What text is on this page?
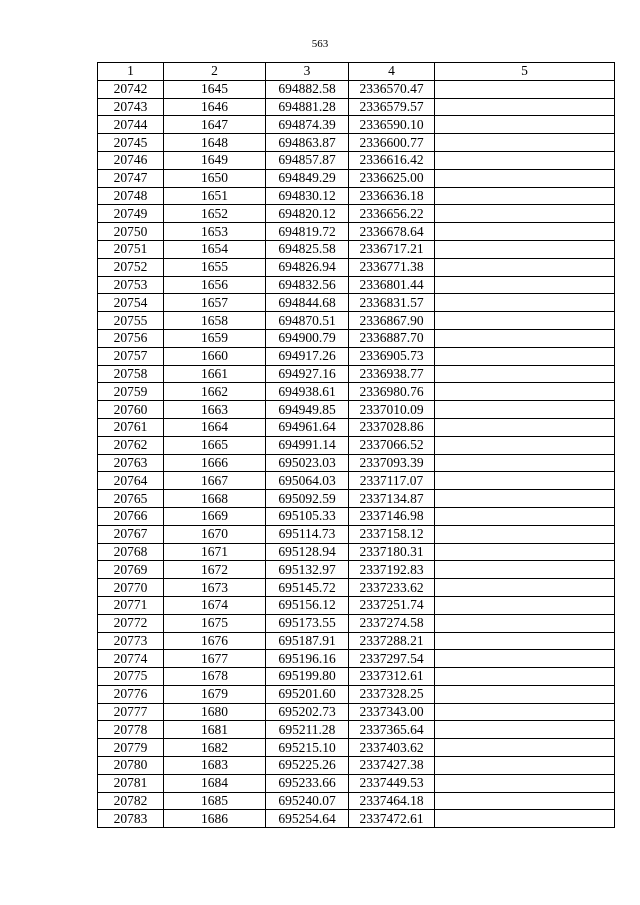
563
1	2	3	4	5
20742	1645	694882.58	2336570.47	
20743	1646	694881.28	2336579.57	
20744	1647	694874.39	2336590.10	
20745	1648	694863.87	2336600.77	
20746	1649	694857.87	2336616.42	
20747	1650	694849.29	2336625.00	
20748	1651	694830.12	2336636.18	
20749	1652	694820.12	2336656.22	
20750	1653	694819.72	2336678.64	
20751	1654	694825.58	2336717.21	
20752	1655	694826.94	2336771.38	
20753	1656	694832.56	2336801.44	
20754	1657	694844.68	2336831.57	
20755	1658	694870.51	2336867.90	
20756	1659	694900.79	2336887.70	
20757	1660	694917.26	2336905.73	
20758	1661	694927.16	2336938.77	
20759	1662	694938.61	2336980.76	
20760	1663	694949.85	2337010.09	
20761	1664	694961.64	2337028.86	
20762	1665	694991.14	2337066.52	
20763	1666	695023.03	2337093.39	
20764	1667	695064.03	2337117.07	
20765	1668	695092.59	2337134.87	
20766	1669	695105.33	2337146.98	
20767	1670	695114.73	2337158.12	
20768	1671	695128.94	2337180.31	
20769	1672	695132.97	2337192.83	
20770	1673	695145.72	2337233.62	
20771	1674	695156.12	2337251.74	
20772	1675	695173.55	2337274.58	
20773	1676	695187.91	2337288.21	
20774	1677	695196.16	2337297.54	
20775	1678	695199.80	2337312.61	
20776	1679	695201.60	2337328.25	
20777	1680	695202.73	2337343.00	
20778	1681	695211.28	2337365.64	
20779	1682	695215.10	2337403.62	
20780	1683	695225.26	2337427.38	
20781	1684	695233.66	2337449.53	
20782	1685	695240.07	2337464.18	
20783	1686	695254.64	2337472.61	
